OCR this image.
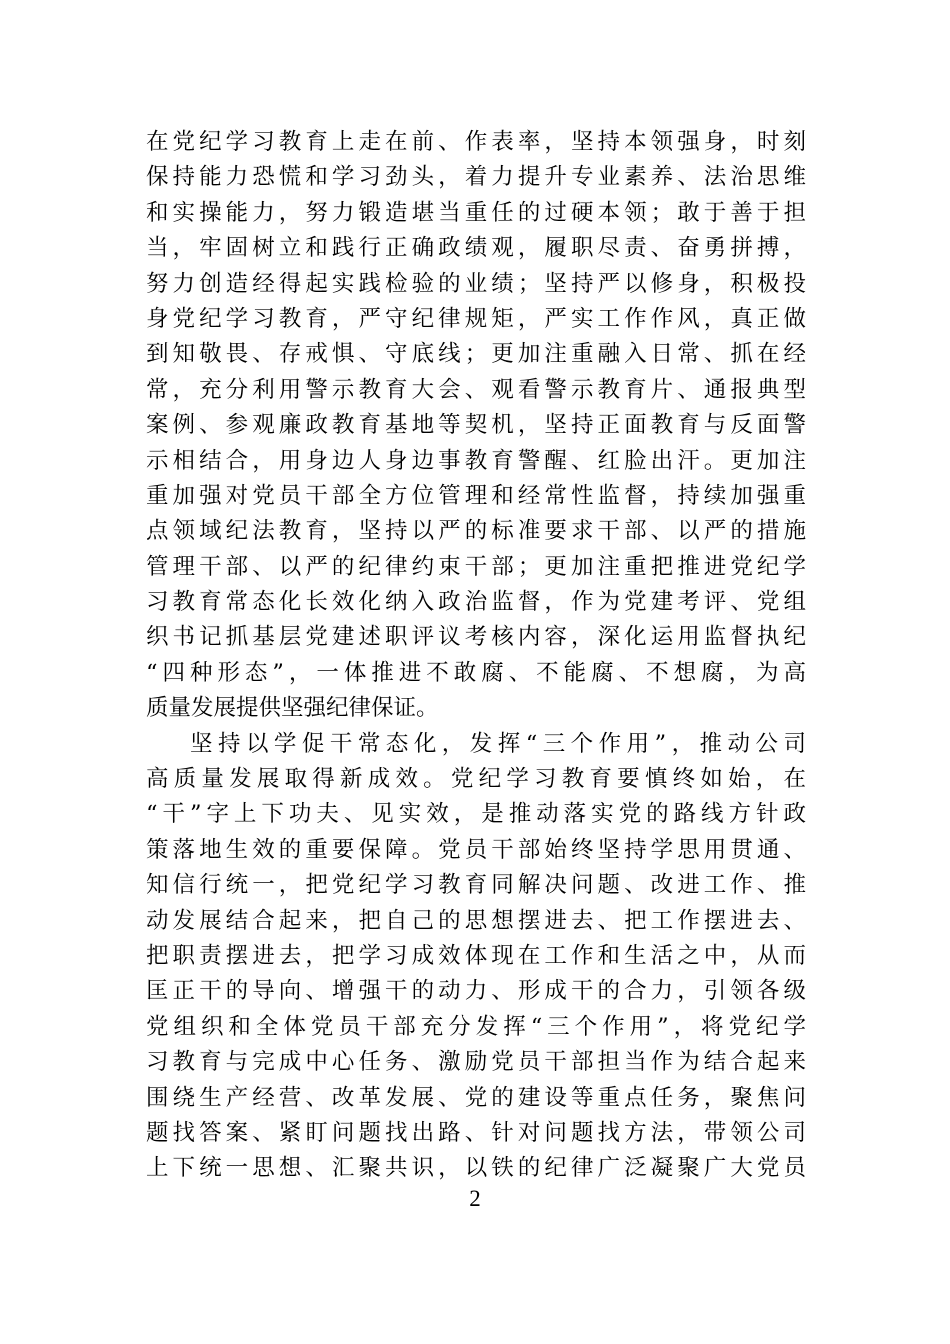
在党纪学习教育上走在前、作表率，坚持本领强身，时刻
保持能力恐慌和学习劲头，着力提升专业素养、法治思维
和实操能力，努力锻造堪当重任的过硬本领；敢于善于担
当，牢固树立和践行正确政绩观，履职尽责、奋勇拼搏，
努力创造经得起实践检验的业绩；坚持严以修身，积极投
身党纪学习教育，严守纪律规矩，严实工作作风，真正做
到知敬畏、存戒惧、守底线；更加注重融入日常、抓在经
常，充分利用警示教育大会、观看警示教育片、通报典型
案例、参观廉政教育基地等契机，坚持正面教育与反面警
示相结合，用身边人身边事教育警醒、红脸出汗。更加注
重加强对党员干部全方位管理和经常性监督，持续加强重
点领域纪法教育，坚持以严的标准要求干部、以严的措施
管理干部、以严的纪律约束干部；更加注重把推进党纪学
习教育常态化长效化纳入政治监督，作为党建考评、党组
织书记抓基层党建述职评议考核内容，深化运用监督执纪
“四种形态”，一体推进不敢腐、不能腐、不想腐，为高
质量发展提供坚强纪律保证。
坚持以学促干常态化，发挥“三个作用”，推动公司
高质量发展取得新成效。党纪学习教育要慎终如始，在
“干”字上下功夫、见实效，是推动落实党的路线方针政
策落地生效的重要保障。党员干部始终坚持学思用贯通、
知信行统一，把党纪学习教育同解决问题、改进工作、推
动发展结合起来，把自己的思想摆进去、把工作摆进去、
把职责摆进去，把学习成效体现在工作和生活之中，从而
匡正干的导向、增强干的动力、形成干的合力，引领各级
党组织和全体党员干部充分发挥“三个作用”，将党纪学
习教育与完成中心任务、激励党员干部担当作为结合起来
围绕生产经营、改革发展、党的建设等重点任务，聚焦问
题找答案、紧盯问题找出路、针对问题找方法，带领公司
上下统一思想、汇聚共识，以铁的纪律广泛凝聚广大党员
2
